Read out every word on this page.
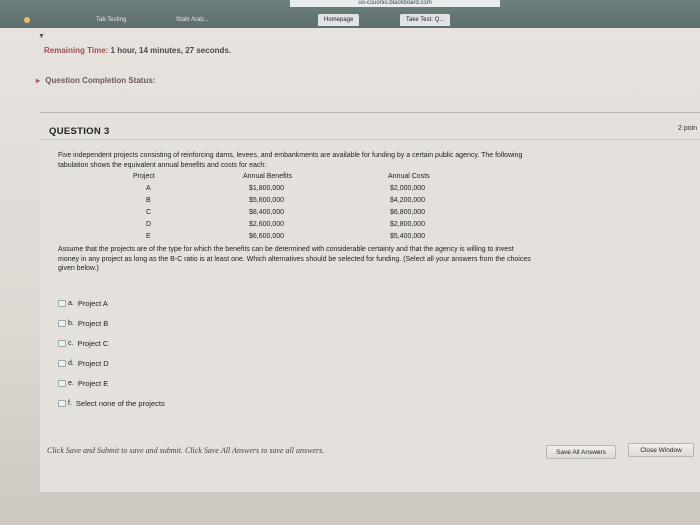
uo-csuonio.blackboard.com
Tab Testing	Stallr Arab...	Homepage	Take Test: Q...
▼
Remaining Time: 1 hour, 14 minutes, 27 seconds.
▸ Question Completion Status:
QUESTION 3	2 poin
Five independent projects consisting of reinforcing dams, levees, and embankments are available for funding by a certain public agency. The following
tabulation shows the equivalent annual benefits and costs for each:
Project	Annual Benefits	Annual Costs
A	$1,800,000	$2,000,000
B	$5,600,000	$4,200,000
C	$8,400,000	$6,800,000
D	$2,600,000	$2,800,000
E	$6,600,000	$5,400,000
Assume that the projects are of the type for which the benefits can be determined with considerable certainty and that the agency is willing to invest
money in any project as long as the B-C ratio is at least one. Which alternatives should be selected for funding. (Select all your answers from the choices
given below.)
a. Project A
b. Project B
c. Project C
d. Project D
e. Project E
f. Select none of the projects
Click Save and Submit to save and submit. Click Save All Answers to save all answers.	Save All Answers	Close Window
